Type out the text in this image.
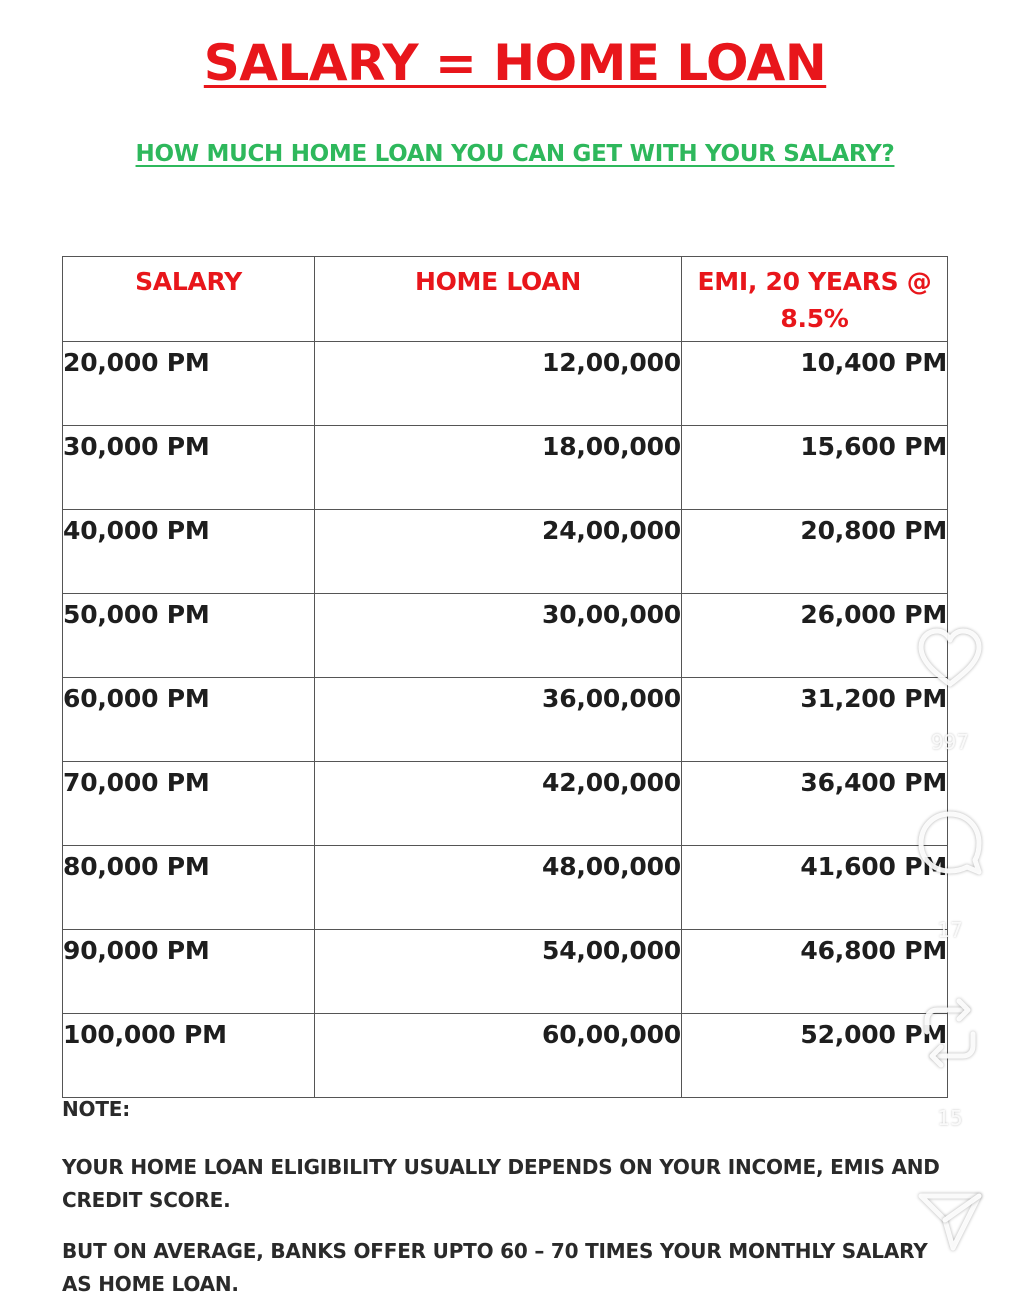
SALARY = HOME LOAN
HOW MUCH HOME LOAN YOU CAN GET WITH YOUR SALARY?
SALARY	HOME LOAN	EMI, 20 YEARS @ 8.5%
20,000 PM	12,00,000	10,400 PM
30,000 PM	18,00,000	15,600 PM
40,000 PM	24,00,000	20,800 PM
50,000 PM	30,00,000	26,000 PM
60,000 PM	36,00,000	31,200 PM
70,000 PM	42,00,000	36,400 PM
80,000 PM	48,00,000	41,600 PM
90,000 PM	54,00,000	46,800 PM
100,000 PM	60,00,000	52,000 PM

NOTE:

YOUR HOME LOAN ELIGIBILITY USUALLY DEPENDS ON YOUR INCOME, EMIS AND CREDIT SCORE.

BUT ON AVERAGE, BANKS OFFER UPTO 60 – 70 TIMES YOUR MONTHLY SALARY AS HOME LOAN.

997
17
15
